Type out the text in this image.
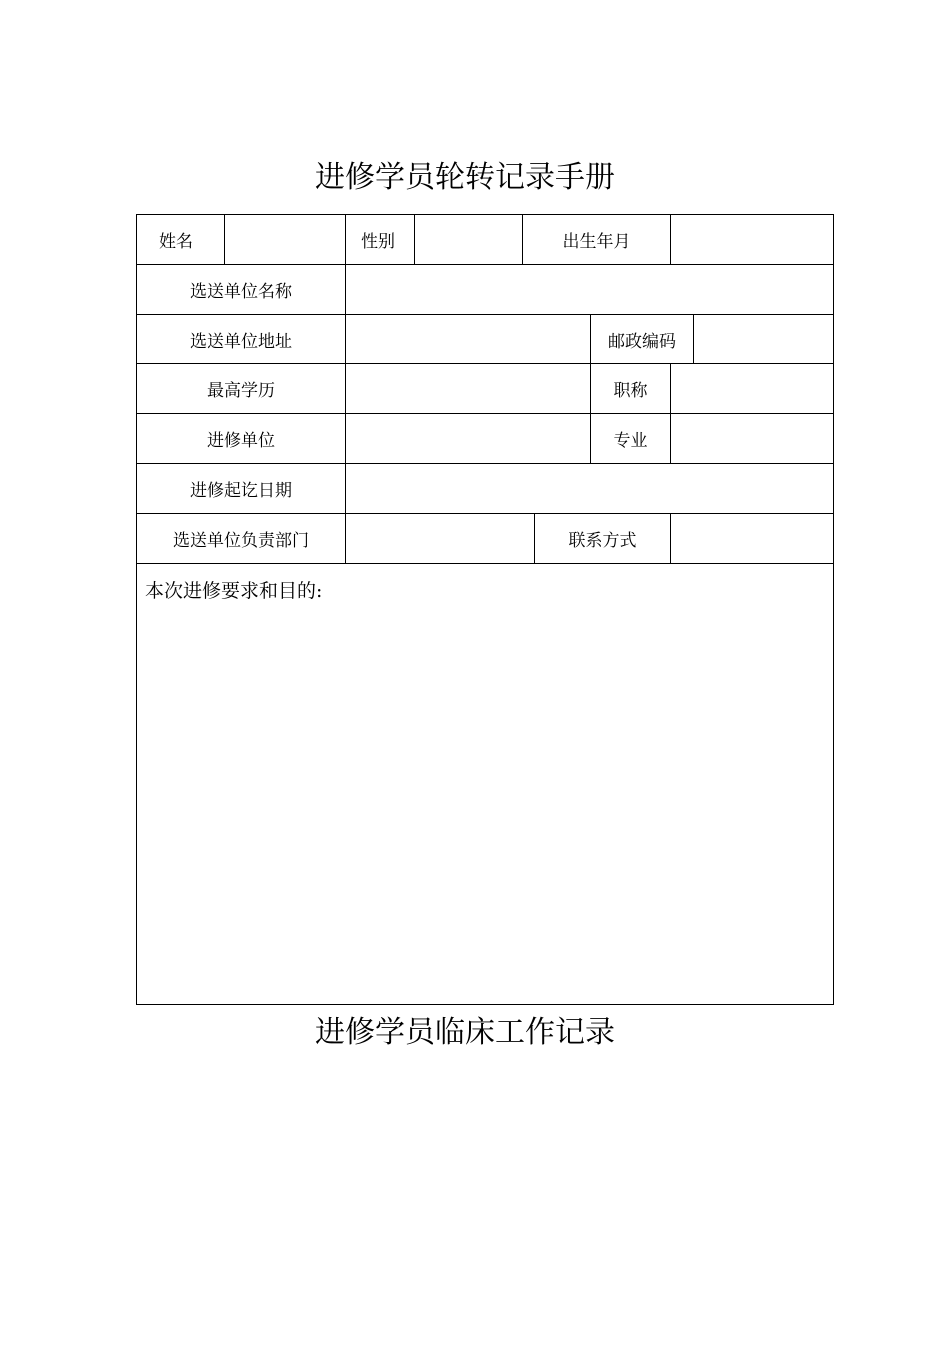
进修学员轮转记录手册
姓名	性别	出生年月
选送单位名称
选送单位地址	邮政编码
最高学历	职称
进修单位	专业
进修起讫日期
选送单位负责部门	联系方式
本次进修要求和目的:
进修学员临床工作记录
